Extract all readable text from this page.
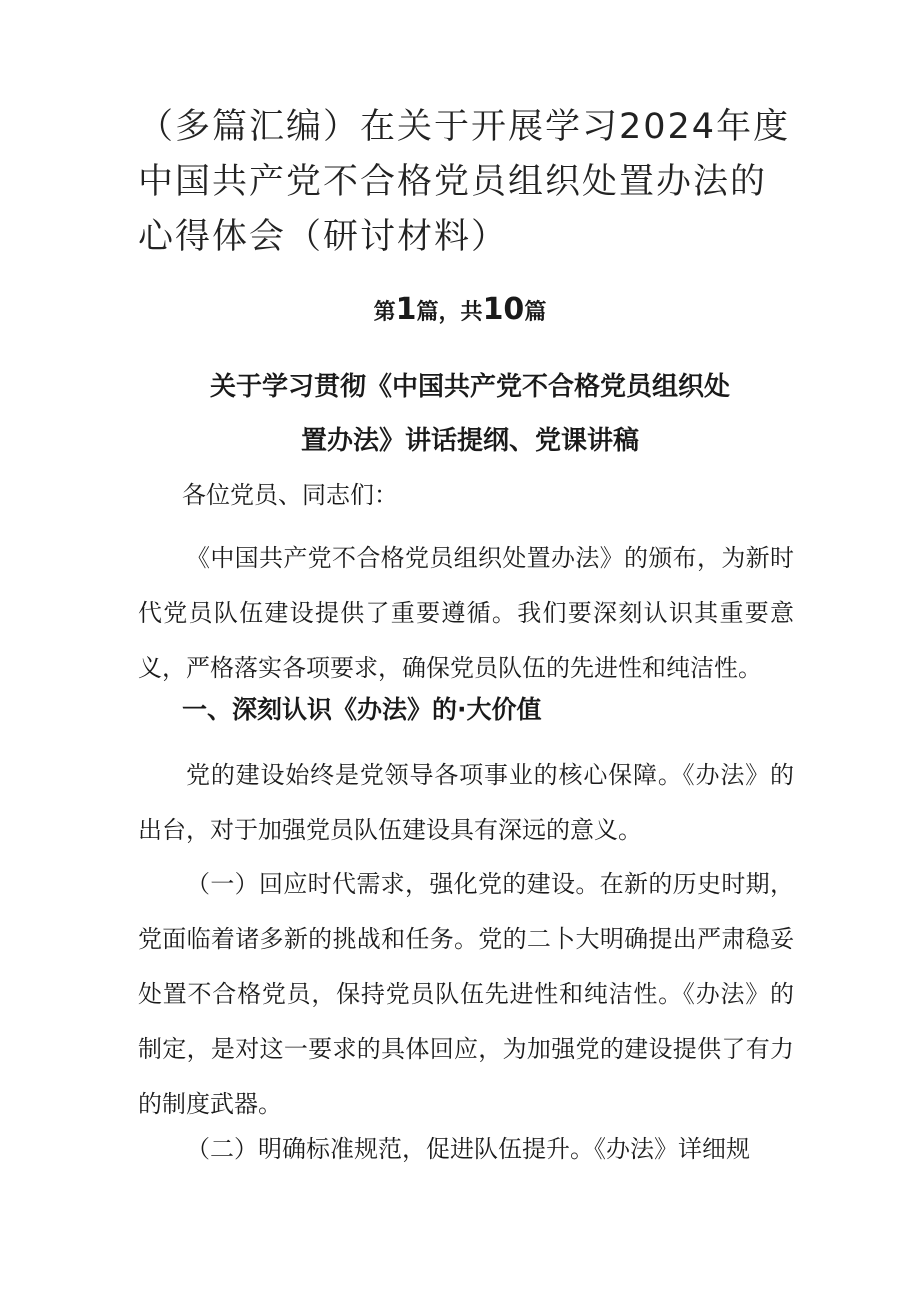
（多篇汇编）在关于开展学习2024年度中国共产党不合格党员组织处置办法的心得体会（研讨材料）
第1篇，共10篇
关于学习贯彻《中国共产党不合格党员组织处
置办法》讲话提纲、党课讲稿

各位党员、同志们：

《中国共产党不合格党员组织处置办法》的颁布，为新时代党员队伍建设提供了重要遵循。我们要深刻认识其重要意义，严格落实各项要求，确保党员队伍的先进性和纯洁性。

一、深刻认识《办法》的·大价值

党的建设始终是党领导各项事业的核心保障。《办法》的出台，对于加强党员队伍建设具有深远的意义。

（一）回应时代需求，强化党的建设。在新的历史时期，党面临着诸多新的挑战和任务。党的二卜大明确提出严肃稳妥处置不合格党员，保持党员队伍先进性和纯洁性。《办法》的制定，是对这一要求的具体回应，为加强党的建设提供了有力的制度武器。

（二）明确标准规范，促进队伍提升。《办法》详细规
